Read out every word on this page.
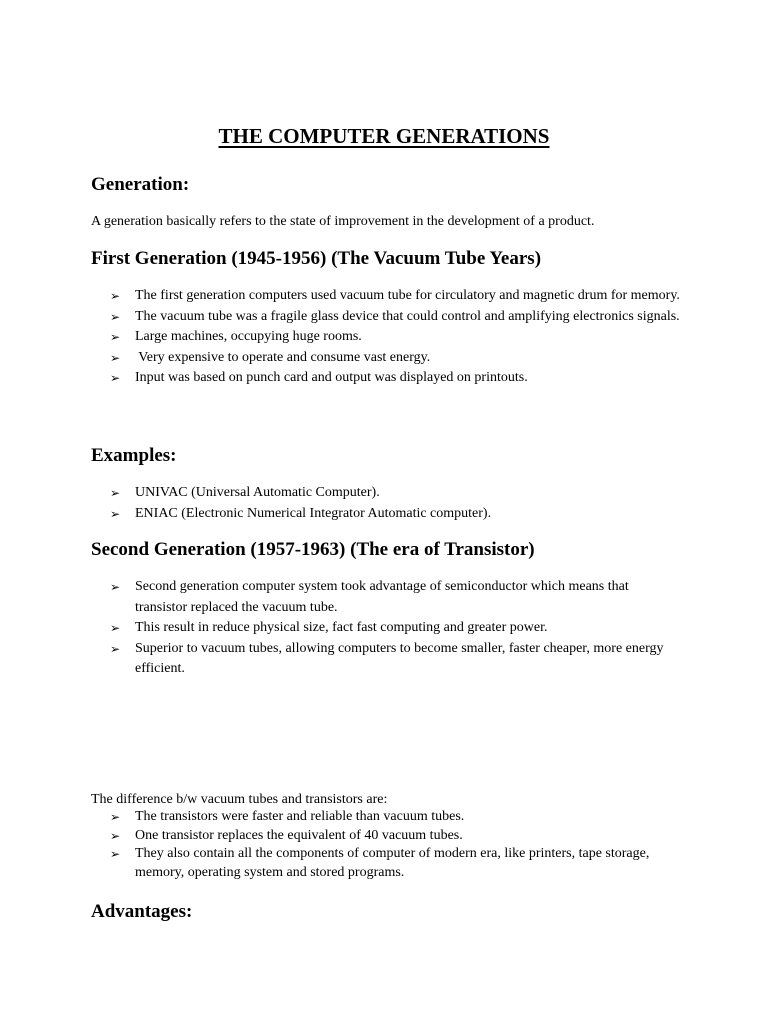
THE COMPUTER GENERATIONS
Generation:
A generation basically refers to the state of improvement in the development of a product.
First Generation (1945-1956) (The Vacuum Tube Years)
➢ The first generation computers used vacuum tube for circulatory and magnetic drum for memory.
➢ The vacuum tube was a fragile glass device that could control and amplifying electronics signals.
➢ Large machines, occupying huge rooms.
➢ Very expensive to operate and consume vast energy.
➢ Input was based on punch card and output was displayed on printouts.
Examples:
➢ UNIVAC (Universal Automatic Computer).
➢ ENIAC (Electronic Numerical Integrator Automatic computer).
Second Generation (1957-1963) (The era of Transistor)
➢ Second generation computer system took advantage of semiconductor which means that transistor replaced the vacuum tube.
➢ This result in reduce physical size, fact fast computing and greater power.
➢ Superior to vacuum tubes, allowing computers to become smaller, faster cheaper, more energy efficient.
The difference b/w vacuum tubes and transistors are:
➢ The transistors were faster and reliable than vacuum tubes.
➢ One transistor replaces the equivalent of 40 vacuum tubes.
➢ They also contain all the components of computer of modern era, like printers, tape storage, memory, operating system and stored programs.
Advantages:
